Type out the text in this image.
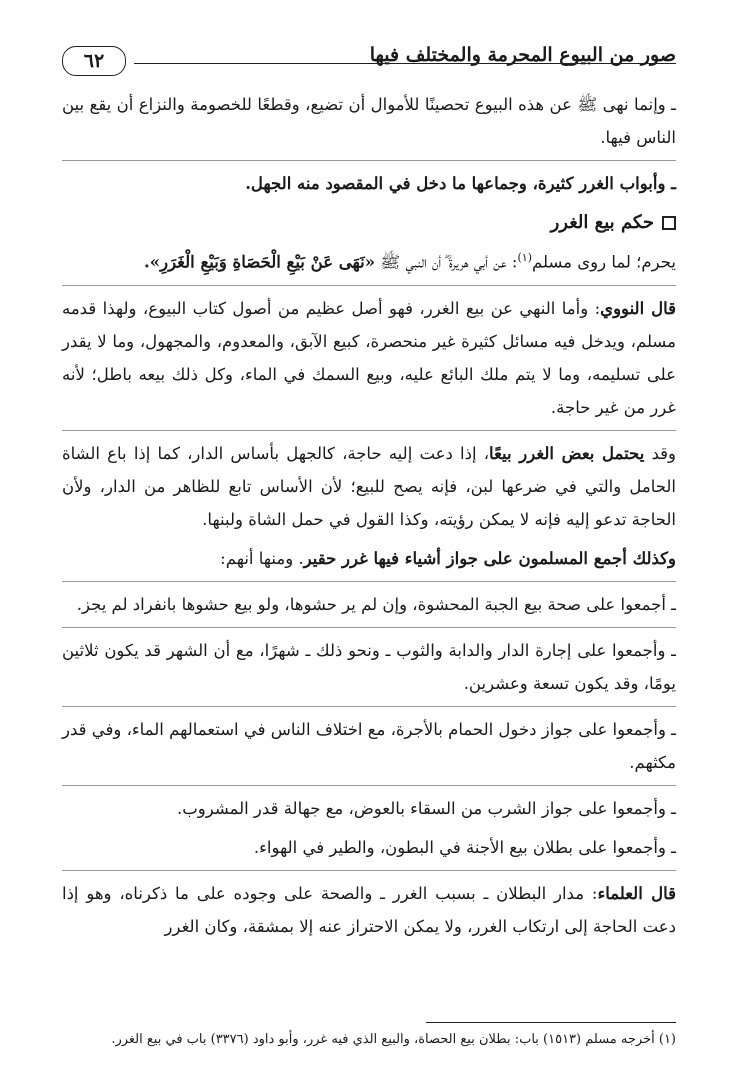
صور من البيوع المحرمة والمختلف فيها
٦٢

ـ وإنما نهى ﷺ عن هذه البيوع تحصينًا للأموال أن تضيع، وقطعًا للخصومة والنزاع أن يقع بين الناس فيها.

ـ وأبواب الغرر كثيرة، وجماعها ما دخل في المقصود منه الجهل.

حكم بيع الغرر

يحرم؛ لما روى مسلم$^{(١)}$: عن أبي هريرة ؓ أن النبي ﷺ «نَهَى عَنْ بَيْعِ الْحَصَاةِ وَبَيْعِ الْغَرَرِ».

قال النووي: وأما النهي عن بيع الغرر، فهو أصل عظيم من أصول كتاب البيوع، ولهذا قدمه مسلم، ويدخل فيه مسائل كثيرة غير منحصرة، كبيع الآبق، والمعدوم، والمجهول، وما لا يقدر على تسليمه، وما لا يتم ملك البائع عليه، وبيع السمك في الماء، وكل ذلك بيعه باطل؛ لأنه غرر من غير حاجة.

وقد يحتمل بعض الغرر بيعًا، إذا دعت إليه حاجة، كالجهل بأساس الدار، كما إذا باع الشاة الحامل والتي في ضرعها لبن، فإنه يصح للبيع؛ لأن الأساس تابع للظاهر من الدار، ولأن الحاجة تدعو إليه فإنه لا يمكن رؤيته، وكذا القول في حمل الشاة ولبنها.

وكذلك أجمع المسلمون على جواز أشياء فيها غرر حقير. ومنها أنهم:

ـ أجمعوا على صحة بيع الجبة المحشوة، وإن لم ير حشوها، ولو بيع حشوها بانفراد لم يجز.

ـ وأجمعوا على إجارة الدار والدابة والثوب ـ ونحو ذلك ـ شهرًا، مع أن الشهر قد يكون ثلاثين يومًا، وقد يكون تسعة وعشرين.

ـ وأجمعوا على جواز دخول الحمام بالأجرة، مع اختلاف الناس في استعمالهم الماء، وفي قدر مكثهم.

ـ وأجمعوا على جواز الشرب من السقاء بالعوض، مع جهالة قدر المشروب.

ـ وأجمعوا على بطلان بيع الأجنة في البطون، والطير في الهواء.

قال العلماء: مدار البطلان ـ بسبب الغرر ـ والصحة على وجوده على ما ذكرناه، وهو إذا دعت الحاجة إلى ارتكاب الغرر، ولا يمكن الاحتراز عنه إلا بمشقة، وكان الغرر

(١) أخرجه مسلم (١٥١٣) باب: بطلان بيع الحصاة، والبيع الذي فيه غرر، وأبو داود (٣٣٧٦) باب في بيع الغرر.
